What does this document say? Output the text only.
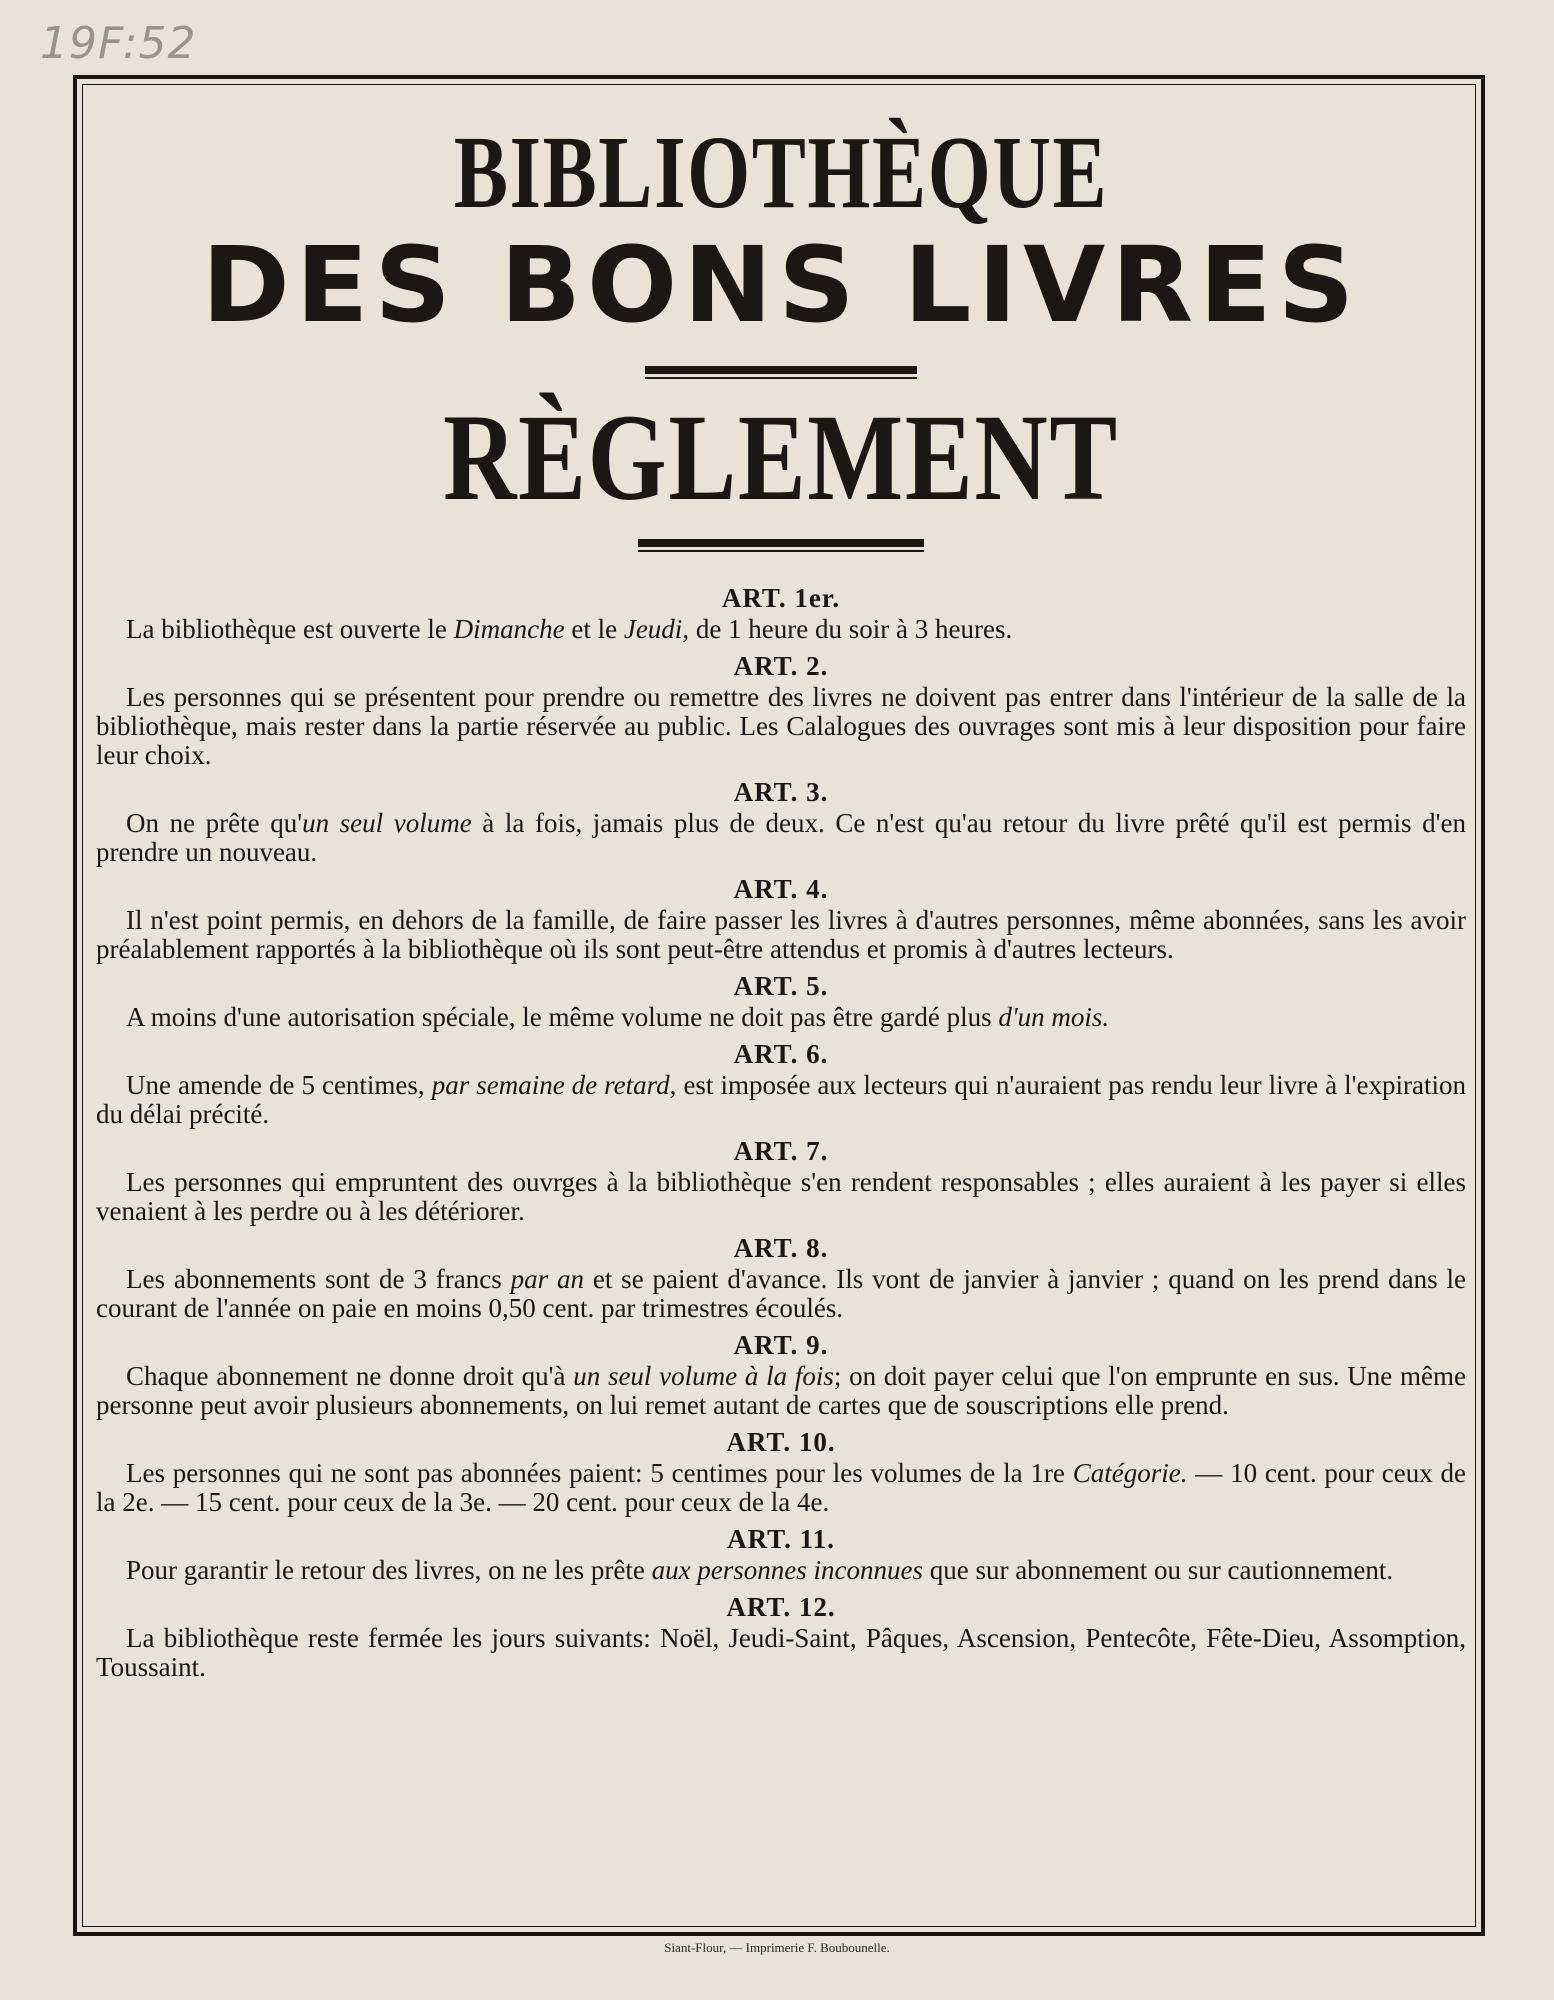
19F:52
BIBLIOTHÈQUE
DES BONS LIVRES
RÈGLEMENT
ART. 1er.
La bibliothèque est ouverte le Dimanche et le Jeudi, de 1 heure du soir à 3 heures.
ART. 2.
Les personnes qui se présentent pour prendre ou remettre des livres ne doivent pas entrer dans l'intérieur de la salle de la bibliothèque, mais rester dans la partie réservée au public. Les Calalogues des ouvrages sont mis à leur disposition pour faire leur choix.
ART. 3.
On ne prête qu'un seul volume à la fois, jamais plus de deux. Ce n'est qu'au retour du livre prêté qu'il est permis d'en prendre un nouveau.
ART. 4.
Il n'est point permis, en dehors de la famille, de faire passer les livres à d'autres personnes, même abonnées, sans les avoir préalablement rapportés à la bibliothèque où ils sont peut-être attendus et promis à d'autres lecteurs.
ART. 5.
A moins d'une autorisation spéciale, le même volume ne doit pas être gardé plus d'un mois.
ART. 6.
Une amende de 5 centimes, par semaine de retard, est imposée aux lecteurs qui n'auraient pas rendu leur livre à l'expiration du délai précité.
ART. 7.
Les personnes qui empruntent des ouvrges à la bibliothèque s'en rendent responsables ; elles auraient à les payer si elles venaient à les perdre ou à les détériorer.
ART. 8.
Les abonnements sont de 3 francs par an et se paient d'avance. Ils vont de janvier à janvier ; quand on les prend dans le courant de l'année on paie en moins 0,50 cent. par trimestres écoulés.
ART. 9.
Chaque abonnement ne donne droit qu'à un seul volume à la fois; on doit payer celui que l'on emprunte en sus. Une même personne peut avoir plusieurs abonnements, on lui remet autant de cartes que de souscriptions elle prend.
ART. 10.
Les personnes qui ne sont pas abonnées paient: 5 centimes pour les volumes de la 1re Catégorie. — 10 cent. pour ceux de la 2e. — 15 cent. pour ceux de la 3e. — 20 cent. pour ceux de la 4e.
ART. 11.
Pour garantir le retour des livres, on ne les prête aux personnes inconnues que sur abonnement ou sur cautionnement.
ART. 12.
La bibliothèque reste fermée les jours suivants: Noël, Jeudi-Saint, Pâques, Ascension, Pentecôte, Fête-Dieu, Assomption, Toussaint.
Siant-Flour, — Imprimerie F. Boubounelle.
